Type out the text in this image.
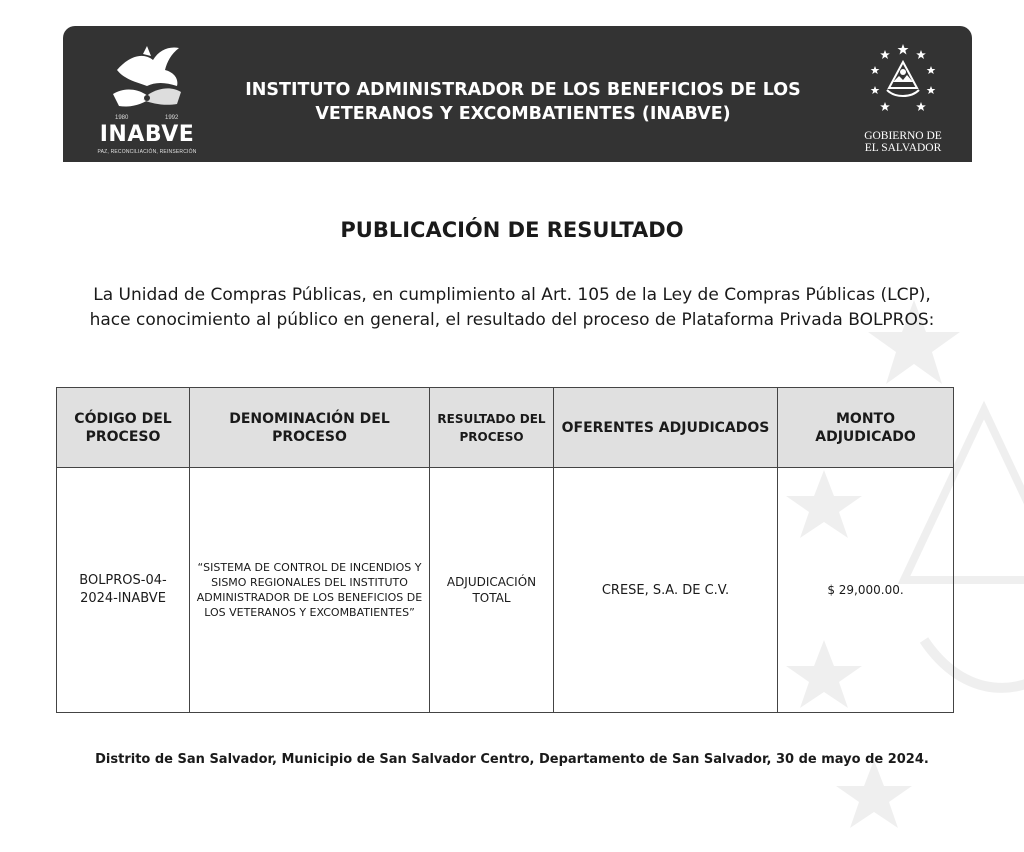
1980	1992
INABVE
PAZ, RECONCILIACIÓN, REINSERCIÓN
INSTITUTO ADMINISTRADOR DE LOS BENEFICIOS DE LOS
VETERANOS Y EXCOMBATIENTES (INABVE)
GOBIERNO DE
EL SALVADOR
PUBLICACIÓN DE RESULTADO
La Unidad de Compras Públicas, en cumplimiento al Art. 105 de la Ley de Compras Públicas (LCP),
hace conocimiento al público en general, el resultado del proceso de Plataforma Privada BOLPROS:
CÓDIGO DEL PROCESO	DENOMINACIÓN DEL PROCESO	RESULTADO DEL PROCESO	OFERENTES ADJUDICADOS	MONTO ADJUDICADO
BOLPROS-04-2024-INABVE	“SISTEMA DE CONTROL DE INCENDIOS Y SISMO REGIONALES DEL INSTITUTO ADMINISTRADOR DE LOS BENEFICIOS DE LOS VETERANOS Y EXCOMBATIENTES”	ADJUDICACIÓN TOTAL	CRESE, S.A. DE C.V.	$ 29,000.00.
Distrito de San Salvador, Municipio de San Salvador Centro, Departamento de San Salvador, 30 de mayo de 2024.
